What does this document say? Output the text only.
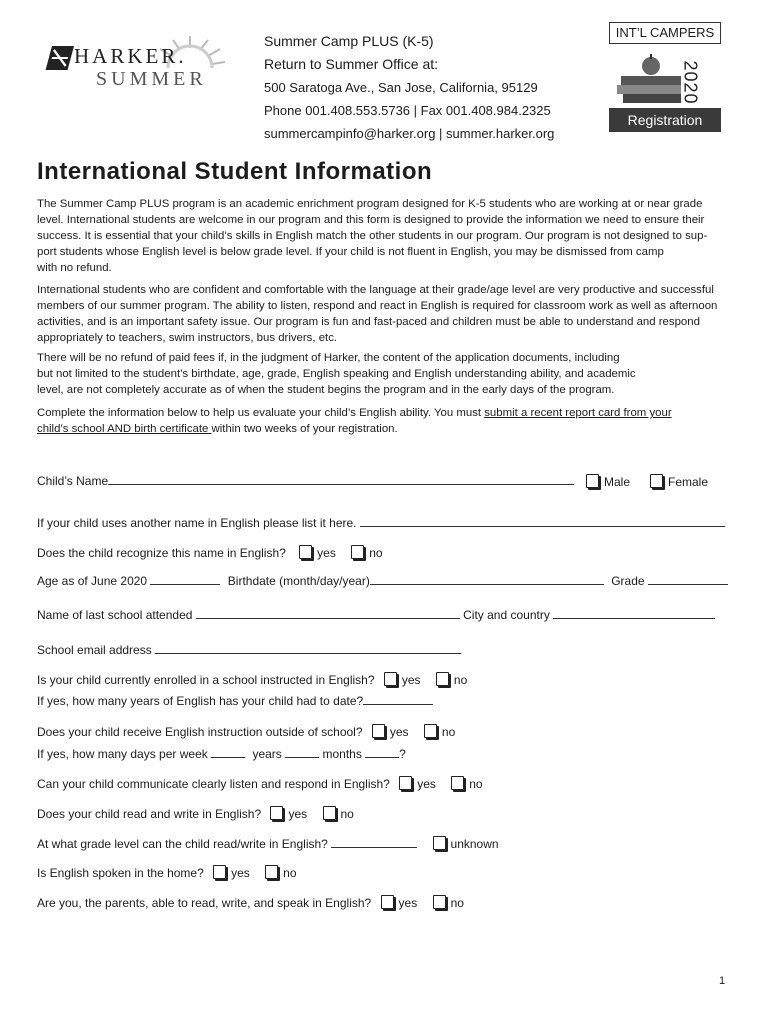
HARKER.
SUMMER
Summer Camp PLUS (K-5)
Return to Summer Office at:
500 Saratoga Ave., San Jose, California, 95129
Phone 001.408.553.5736 | Fax 001.408.984.2325
summercampinfo@harker.org | summer.harker.org
INT’L CAMPERS
2020
Registration
International Student Information
The Summer Camp PLUS program is an academic enrichment program designed for K-5 students who are working at or near grade
level. International students are welcome in our program and this form is designed to provide the information we need to ensure their
success. It is essential that your child’s skills in English match the other students in our program. Our program is not designed to sup-
port students whose English level is below grade level. If your child is not fluent in English, you may be dismissed from camp
with no refund.
International students who are confident and comfortable with the language at their grade/age level are very productive and successful
members of our summer program. The ability to listen, respond and react in English is required for classroom work as well as afternoon
activities, and is an important safety issue. Our program is fun and fast-paced and children must be able to understand and respond
appropriately to teachers, swim instructors, bus drivers, etc.
There will be no refund of paid fees if, in the judgment of Harker, the content of the application documents, including
but not limited to the student’s birthdate, age, grade, English speaking and English understanding ability, and academic
level, are not completely accurate as of when the student begins the program and in the early days of the program.
Complete the information below to help us evaluate your child’s English ability. You must submit a recent report card from your
child’s school AND birth certificate within two weeks of your registration.
Child’s Name	Male	Female
If your child uses another name in English please list it here.
Does the child recognize this name in English?	yes	no
Age as of June 2020	Birthdate (month/day/year)	Grade
Name of last school attended	City and country
School email address
Is your child currently enrolled in a school instructed in English? yes	no
If yes, how many years of English has your child had to date?
Does your child receive English instruction outside of school? yes	no
If yes, how many days per week	years	months	?
Can your child communicate clearly listen and respond in English? yes	no
Does your child read and write in English? yes	no
At what grade level can the child read/write in English?	unknown
Is English spoken in the home? yes	no
Are you, the parents, able to read, write, and speak in English? yes	no
1
